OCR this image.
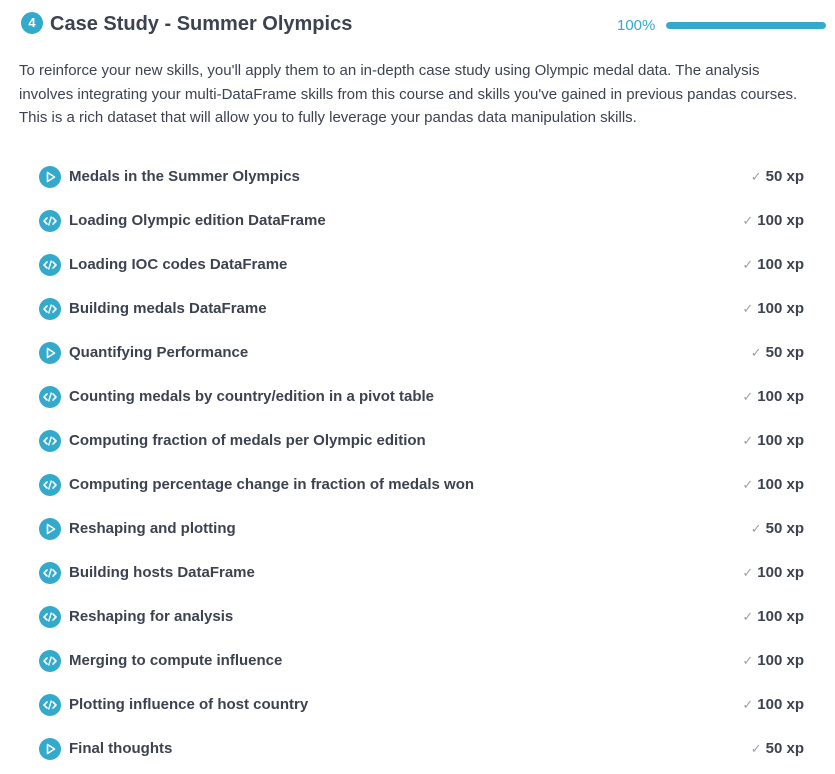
4 Case Study - Summer Olympics	100%

To reinforce your new skills, you'll apply them to an in-depth case study using Olympic medal data. The analysis involves integrating your multi-DataFrame skills from this course and skills you've gained in previous pandas courses. This is a rich dataset that will allow you to fully leverage your pandas data manipulation skills.

Medals in the Summer Olympics	✓ 50 xp
Loading Olympic edition DataFrame	✓ 100 xp
Loading IOC codes DataFrame	✓ 100 xp
Building medals DataFrame	✓ 100 xp
Quantifying Performance	✓ 50 xp
Counting medals by country/edition in a pivot table	✓ 100 xp
Computing fraction of medals per Olympic edition	✓ 100 xp
Computing percentage change in fraction of medals won	✓ 100 xp
Reshaping and plotting	✓ 50 xp
Building hosts DataFrame	✓ 100 xp
Reshaping for analysis	✓ 100 xp
Merging to compute influence	✓ 100 xp
Plotting influence of host country	✓ 100 xp
Final thoughts	✓ 50 xp
